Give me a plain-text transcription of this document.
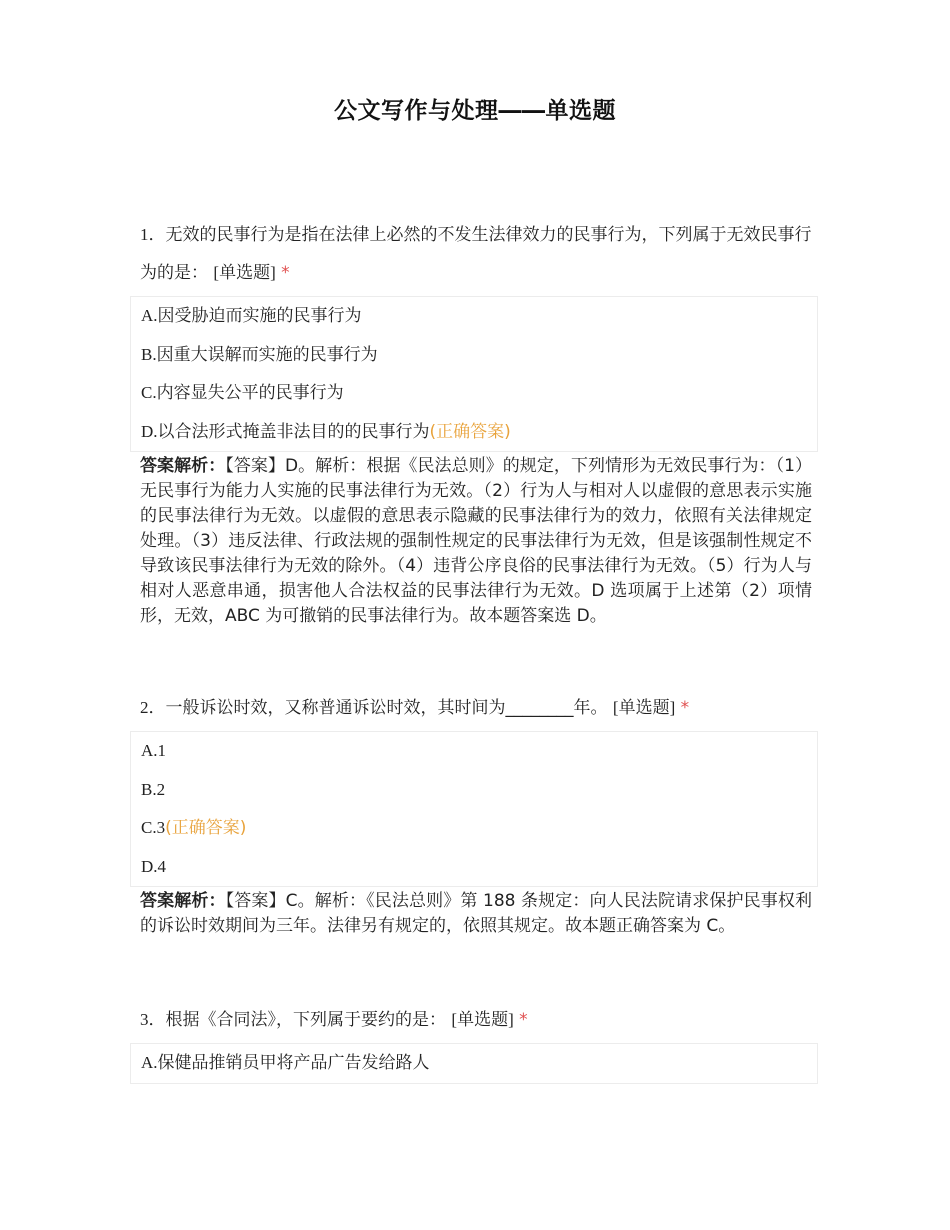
公文写作与处理――单选题
1．无效的民事行为是指在法律上必然的不发生法律效力的民事行为，下列属于无效民事行为的是： [单选题] *
A.因受胁迫而实施的民事行为
B.因重大误解而实施的民事行为
C.内容显失公平的民事行为
D.以合法形式掩盖非法目的的民事行为(正确答案)
答案解析：【答案】D。解析：根据《民法总则》的规定，下列情形为无效民事行为：（1）无民事行为能力人实施的民事法律行为无效。（2）行为人与相对人以虚假的意思表示实施的民事法律行为无效。以虚假的意思表示隐藏的民事法律行为的效力，依照有关法律规定处理。（3）违反法律、行政法规的强制性规定的民事法律行为无效，但是该强制性规定不导致该民事法律行为无效的除外。（4）违背公序良俗的民事法律行为无效。（5）行为人与相对人恶意串通，损害他人合法权益的民事法律行为无效。D 选项属于上述第（2）项情形，无效，ABC 为可撤销的民事法律行为。故本题答案选 D。
2．一般诉讼时效，又称普通诉讼时效，其时间为________年。 [单选题] *
A.1
B.2
C.3(正确答案)
D.4
答案解析：【答案】C。解析：《民法总则》第 188 条规定：向人民法院请求保护民事权利的诉讼时效期间为三年。法律另有规定的，依照其规定。故本题正确答案为 C。
3．根据《合同法》，下列属于要约的是： [单选题] *
A.保健品推销员甲将产品广告发给路人
